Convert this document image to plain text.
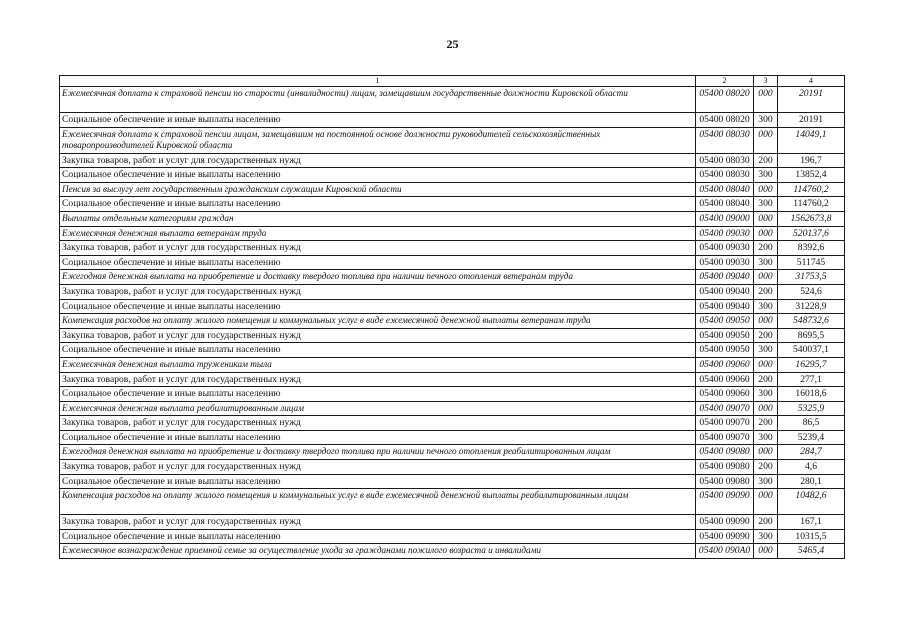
25
1	2	3	4
Ежемесячная доплата к страховой пенсии по старости (инвалидности) лицам, замещавшим государственные должности Кировской области	05400 08020	000	20191
Социальное обеспечение и иные выплаты населению	05400 08020	300	20191
Ежемесячная доплата к страховой пенсии лицам, замещавшим на постоянной основе должности руководителей сельскохозяйственных товаропроизводителей Кировской области	05400 08030	000	14049,1
Закупка товаров, работ и услуг для государственных нужд	05400 08030	200	196,7
Социальное обеспечение и иные выплаты населению	05400 08030	300	13852,4
Пенсия за выслугу лет государственным гражданским служащим Кировской области	05400 08040	000	114760,2
Социальное обеспечение и иные выплаты населению	05400 08040	300	114760,2
Выплаты отдельным категориям граждан	05400 09000	000	1562673,8
Ежемесячная денежная выплата ветеранам труда	05400 09030	000	520137,6
Закупка товаров, работ и услуг для государственных нужд	05400 09030	200	8392,6
Социальное обеспечение и иные выплаты населению	05400 09030	300	511745
Ежегодная денежная выплата на приобретение и доставку твердого топлива при наличии печного отопления ветеранам труда	05400 09040	000	31753,5
Закупка товаров, работ и услуг для государственных нужд	05400 09040	200	524,6
Социальное обеспечение и иные выплаты населению	05400 09040	300	31228,9
Компенсация расходов на оплату жилого помещения и коммунальных услуг в виде ежемесячной денежной выплаты ветеранам труда	05400 09050	000	548732,6
Закупка товаров, работ и услуг для государственных нужд	05400 09050	200	8695,5
Социальное обеспечение и иные выплаты населению	05400 09050	300	540037,1
Ежемесячная денежная выплата труженикам тыла	05400 09060	000	16295,7
Закупка товаров, работ и услуг для государственных нужд	05400 09060	200	277,1
Социальное обеспечение и иные выплаты населению	05400 09060	300	16018,6
Ежемесячная денежная выплата реабилитированным лицам	05400 09070	000	5325,9
Закупка товаров, работ и услуг для государственных нужд	05400 09070	200	86,5
Социальное обеспечение и иные выплаты населению	05400 09070	300	5239,4
Ежегодная денежная выплата на приобретение и доставку твердого топлива при наличии печного отопления реабилитированным лицам	05400 09080	000	284,7
Закупка товаров, работ и услуг для государственных нужд	05400 09080	200	4,6
Социальное обеспечение и иные выплаты населению	05400 09080	300	280,1
Компенсация расходов на оплату жилого помещения и коммунальных услуг в виде ежемесячной денежной выплаты реабилитированным лицам	05400 09090	000	10482,6
Закупка товаров, работ и услуг для государственных нужд	05400 09090	200	167,1
Социальное обеспечение и иные выплаты населению	05400 09090	300	10315,5
Ежемесячное вознаграждение приемной семье за осуществление ухода за гражданами пожилого возраста и инвалидами	05400 090А0	000	5465,4
